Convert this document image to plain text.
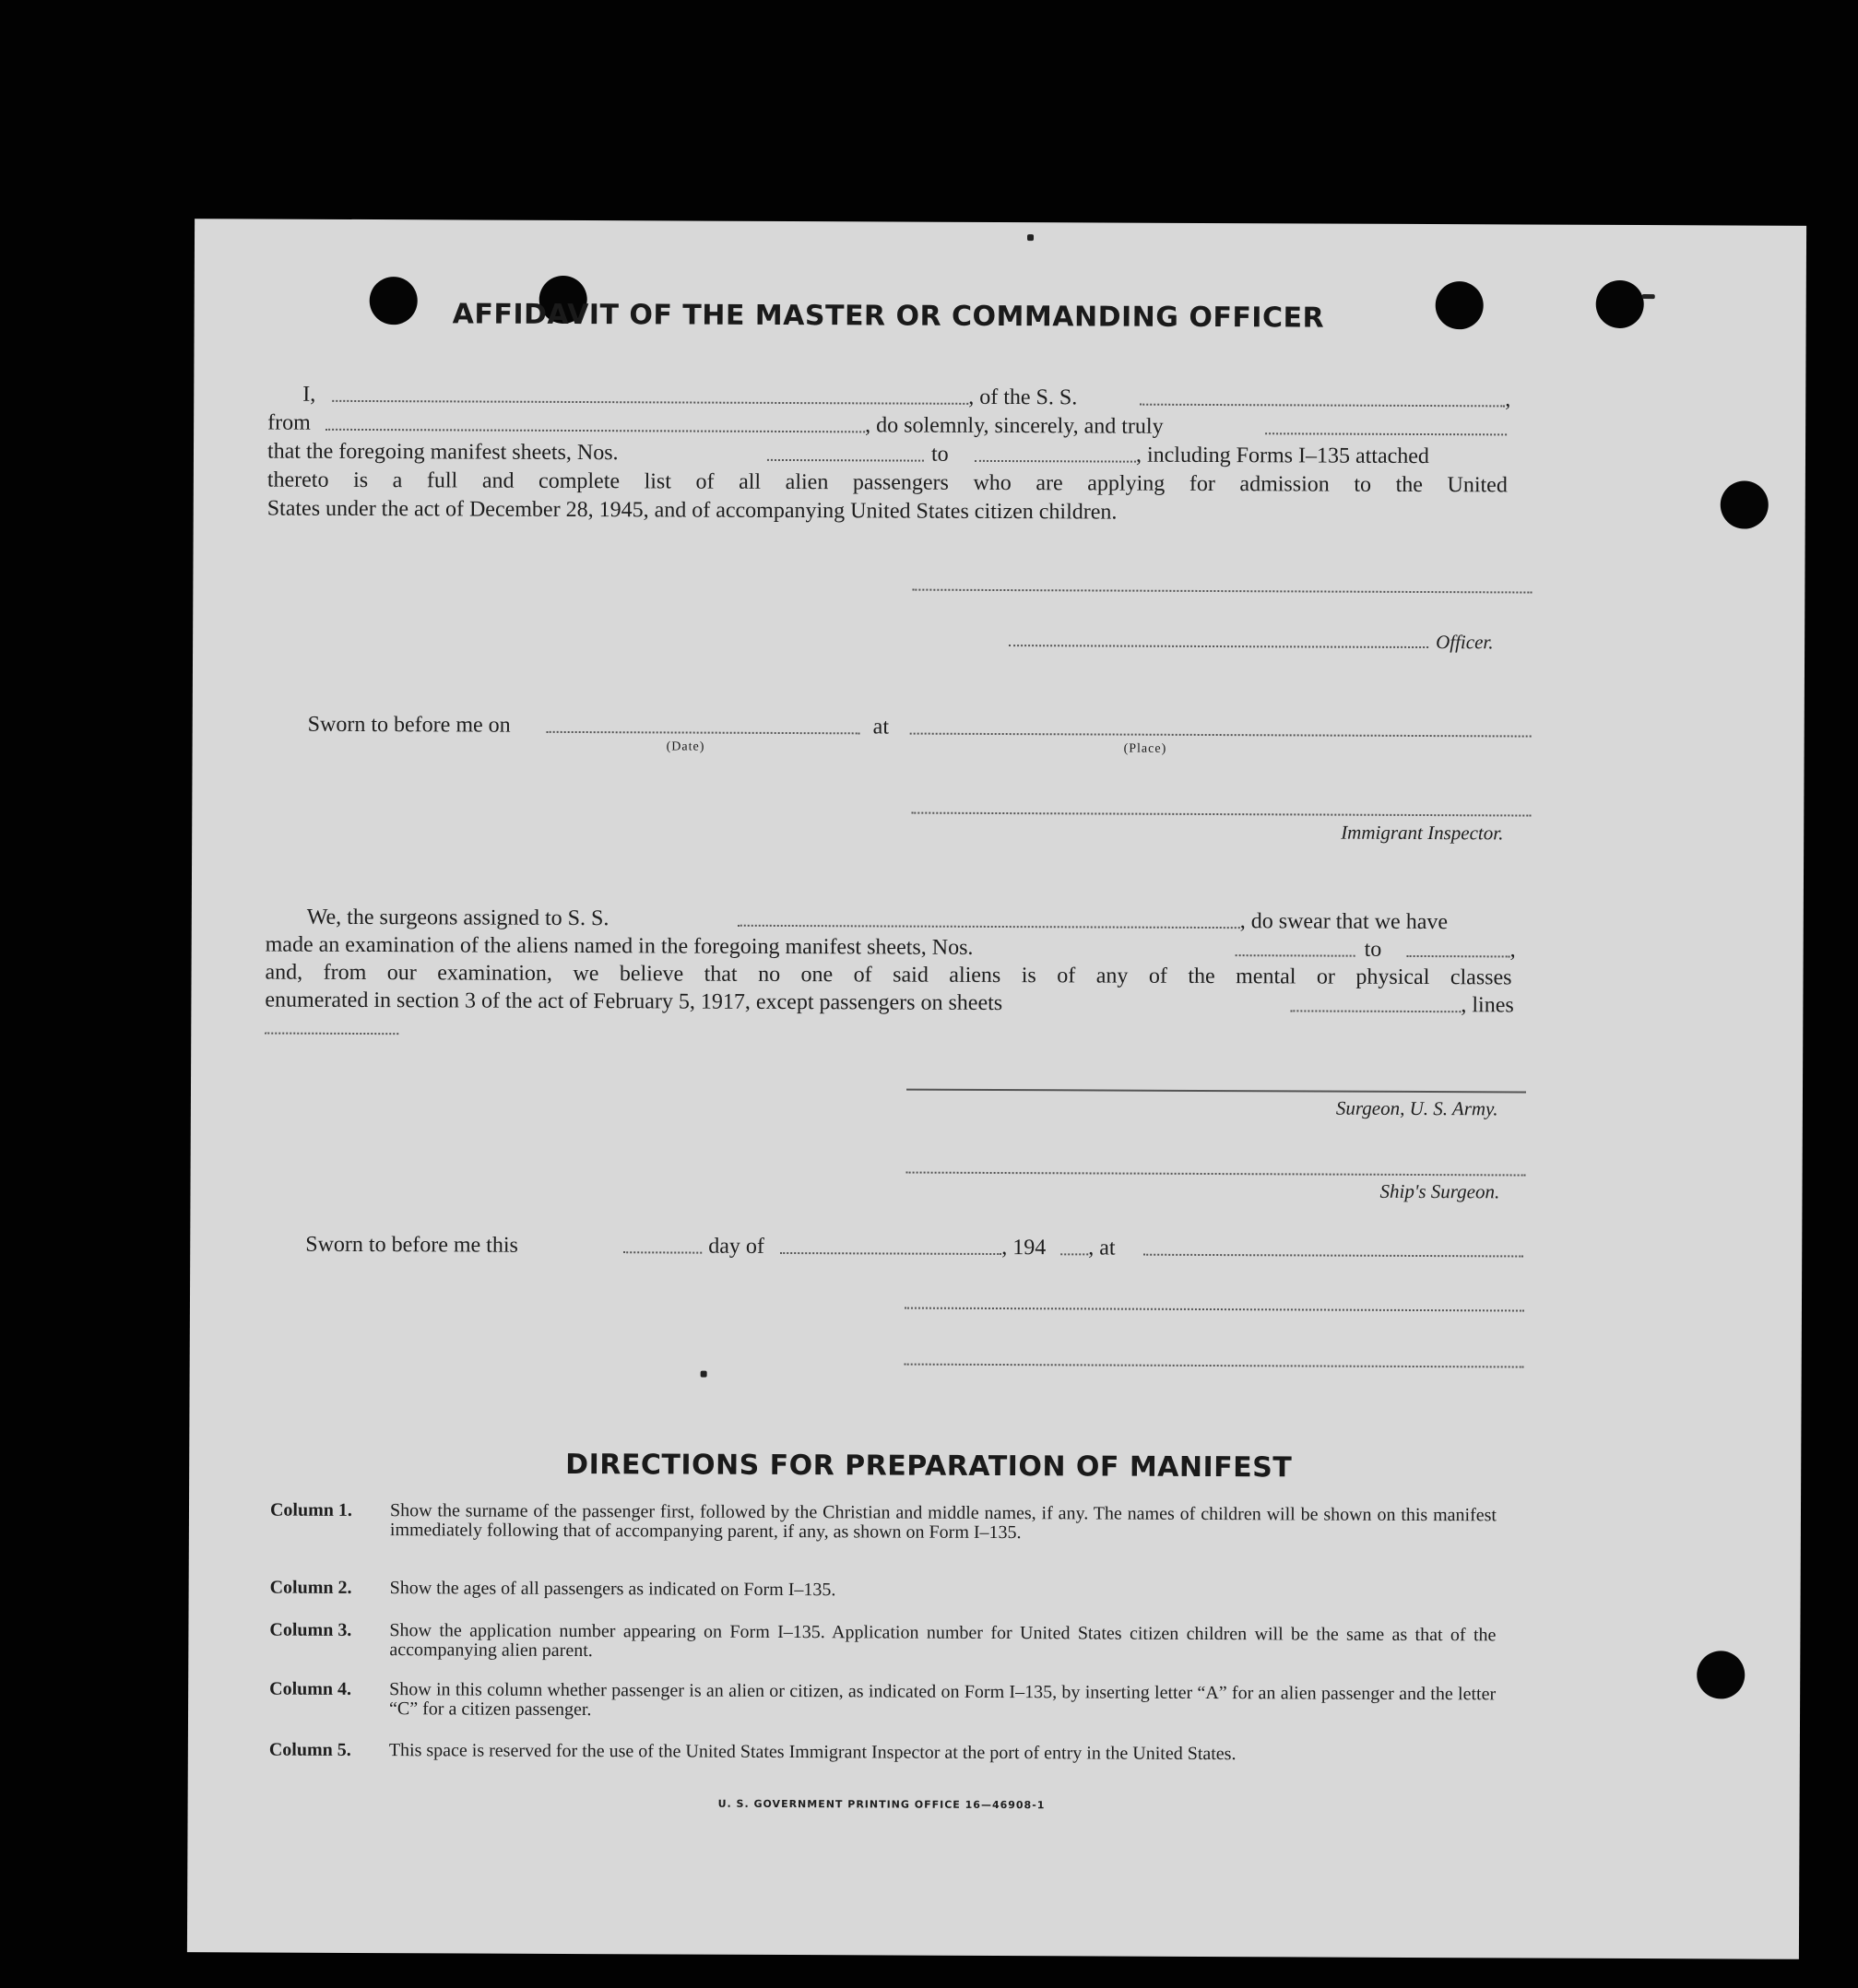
AFFIDAVIT OF THE MASTER OR COMMANDING OFFICER
I,	, of the S. S.	,
from	, do solemnly, sincerely, and truly
that the foregoing manifest sheets, Nos.	to	, including Forms I–135 attached
thereto is a full and complete list of all alien passengers who are applying for admission to the United
States under the act of December 28, 1945, and of accompanying United States citizen children.
Officer.
Sworn to before me on
(Date)
at
(Place)
Immigrant Inspector.
We, the surgeons assigned to S. S.	, do swear that we have
made an examination of the aliens named in the foregoing manifest sheets, Nos.	to	,
and, from our examination, we believe that no one of said aliens is of any of the mental or physical classes
enumerated in section 3 of the act of February 5, 1917, except passengers on sheets	, lines
Surgeon, U. S. Army.
Ship's Surgeon.
Sworn to before me this	day of	, 194 , at
DIRECTIONS FOR PREPARATION OF MANIFEST
Column 1. Show the surname of the passenger first, followed by the Christian and middle names, if any. The names of children will be shown on this manifest immediately following that of accompanying parent, if any, as shown on Form I–135.
Column 2. Show the ages of all passengers as indicated on Form I–135.
Column 3. Show the application number appearing on Form I–135. Application number for United States citizen children will be the same as that of the accompanying alien parent.
Column 4. Show in this column whether passenger is an alien or citizen, as indicated on Form I–135, by inserting letter “A” for an alien passenger and the letter “C” for a citizen passenger.
Column 5. This space is reserved for the use of the United States Immigrant Inspector at the port of entry in the United States.
U. S. GOVERNMENT PRINTING OFFICE 16—46908-1
